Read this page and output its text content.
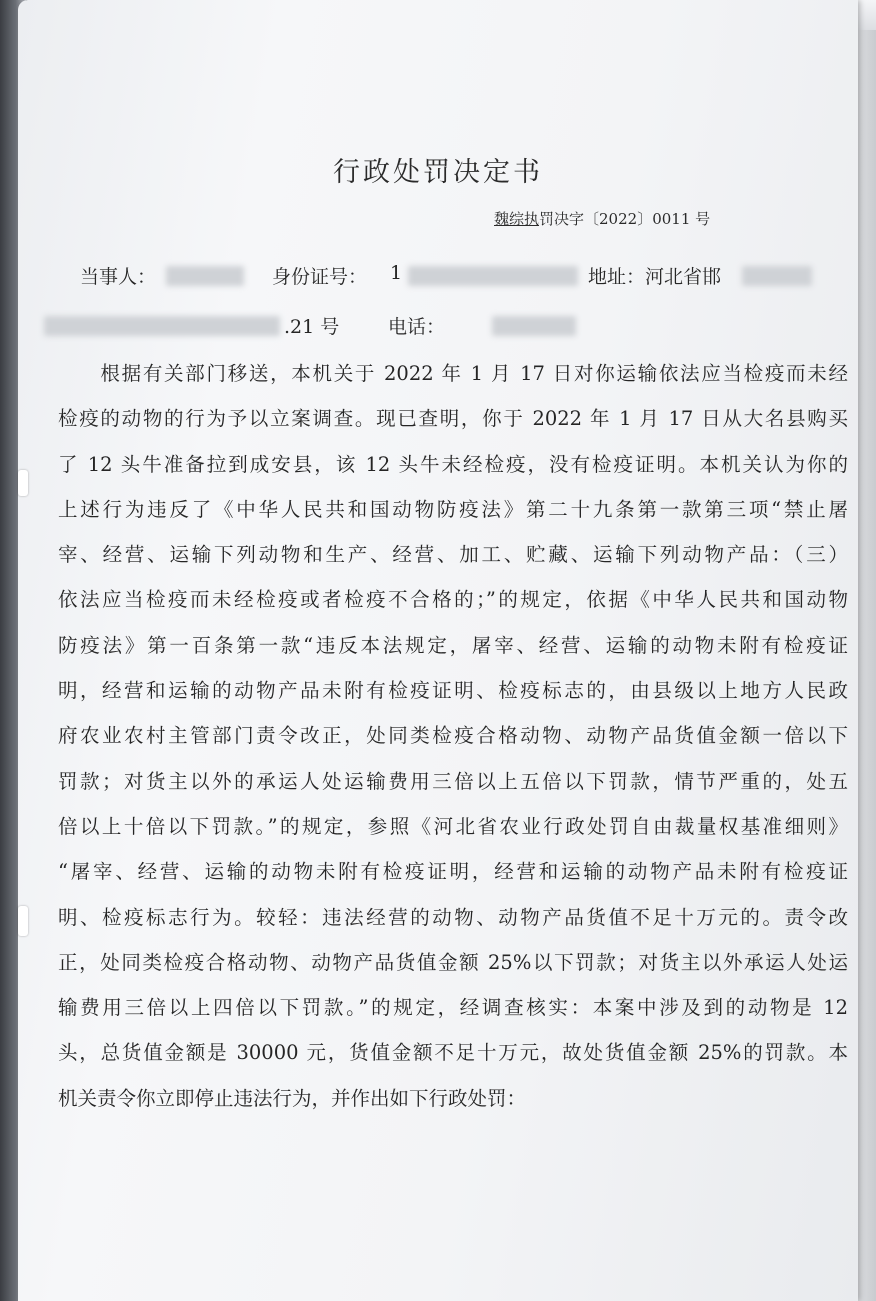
行政处罚决定书
魏综执罚决字〔2022〕0011 号
当事人：	身份证号： 1	地址：河北省邯
.21 号	电话：
　　根据有关部门移送，本机关于 2022 年 1 月 17 日对你运输依法应当检疫而未经
检疫的动物的行为予以立案调查。现已查明，你于 2022 年 1 月 17 日从大名县购买
了 12 头牛准备拉到成安县，该 12 头牛未经检疫，没有检疫证明。本机关认为你的
上述行为违反了《中华人民共和国动物防疫法》第二十九条第一款第三项“禁止屠
宰、经营、运输下列动物和生产、经营、加工、贮藏、运输下列动物产品：（三）
依法应当检疫而未经检疫或者检疫不合格的；”的规定，依据《中华人民共和国动物
防疫法》第一百条第一款“违反本法规定，屠宰、经营、运输的动物未附有检疫证
明，经营和运输的动物产品未附有检疫证明、检疫标志的，由县级以上地方人民政
府农业农村主管部门责令改正，处同类检疫合格动物、动物产品货值金额一倍以下
罚款；对货主以外的承运人处运输费用三倍以上五倍以下罚款，情节严重的，处五
倍以上十倍以下罚款。”的规定，参照《河北省农业行政处罚自由裁量权基准细则》
“屠宰、经营、运输的动物未附有检疫证明，经营和运输的动物产品未附有检疫证
明、检疫标志行为。较轻：违法经营的动物、动物产品货值不足十万元的。责令改
正，处同类检疫合格动物、动物产品货值金额 25%以下罚款；对货主以外承运人处运
输费用三倍以上四倍以下罚款。”的规定，经调查核实：本案中涉及到的动物是 12
头，总货值金额是 30000 元，货值金额不足十万元，故处货值金额 25%的罚款。本
机关责令你立即停止违法行为，并作出如下行政处罚：
